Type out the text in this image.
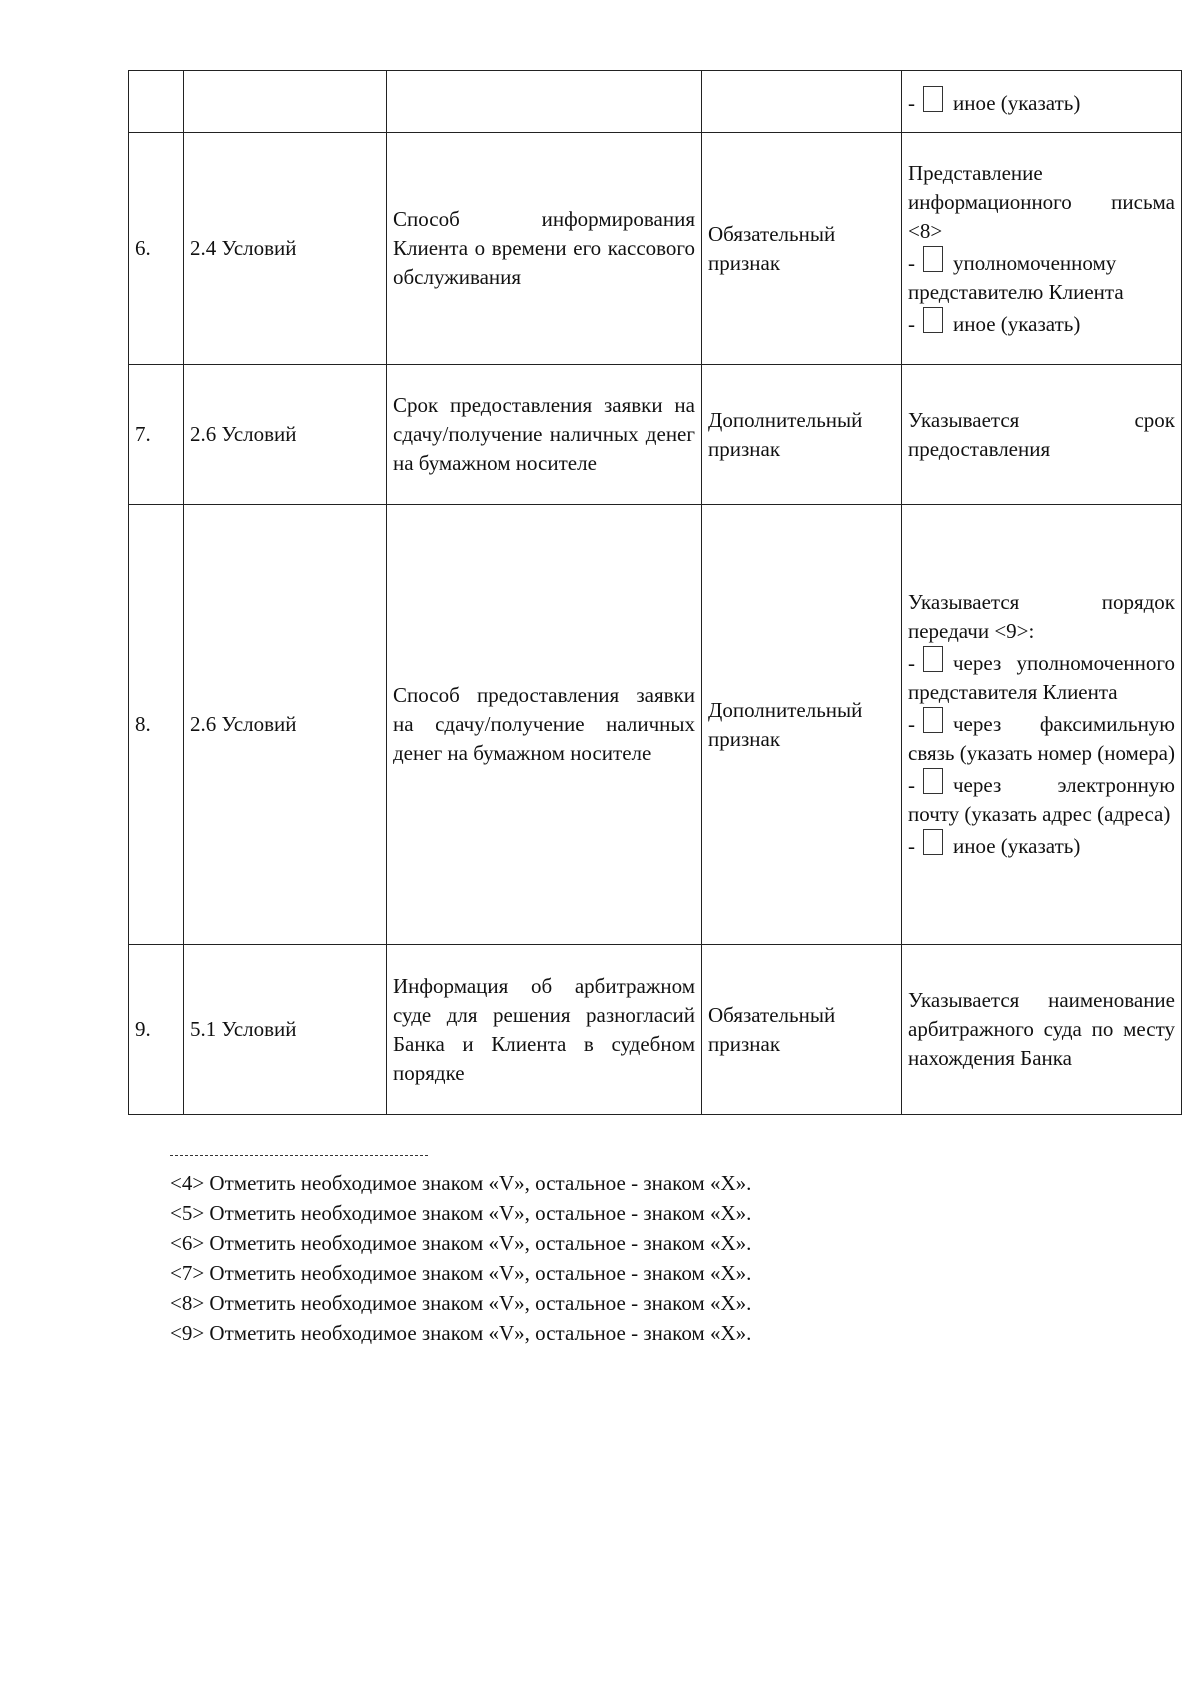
				- иное (указать)

6.	2.4 Условий	Способ информирования Клиента о времени его кассового обслуживания	Обязательный признак	Представление информационного письма <8>
- уполномоченному представителю Клиента
- иное (указать)

7.	2.6 Условий	Срок предоставления заявки на сдачу/получение наличных денег на бумажном носителе	Дополнительный признак	Указывается срок предоставления

8.	2.6 Условий	Способ предоставления заявки на сдачу/получение наличных денег на бумажном носителе	Дополнительный признак	Указывается порядок передачи <9>:
- через уполномоченного представителя Клиента
- через факсимильную связь (указать номер (номера)
- через электронную почту (указать адрес (адреса)
- иное (указать)

9.	5.1 Условий	Информация об арбитражном суде для решения разногласий Банка и Клиента в судебном порядке	Обязательный признак	Указывается наименование арбитражного суда по месту нахождения Банка
<4> Отметить необходимое знаком «V», остальное - знаком «X».
<5> Отметить необходимое знаком «V», остальное - знаком «X».
<6> Отметить необходимое знаком «V», остальное - знаком «X».
<7> Отметить необходимое знаком «V», остальное - знаком «X».
<8> Отметить необходимое знаком «V», остальное - знаком «X».
<9> Отметить необходимое знаком «V», остальное - знаком «X».
